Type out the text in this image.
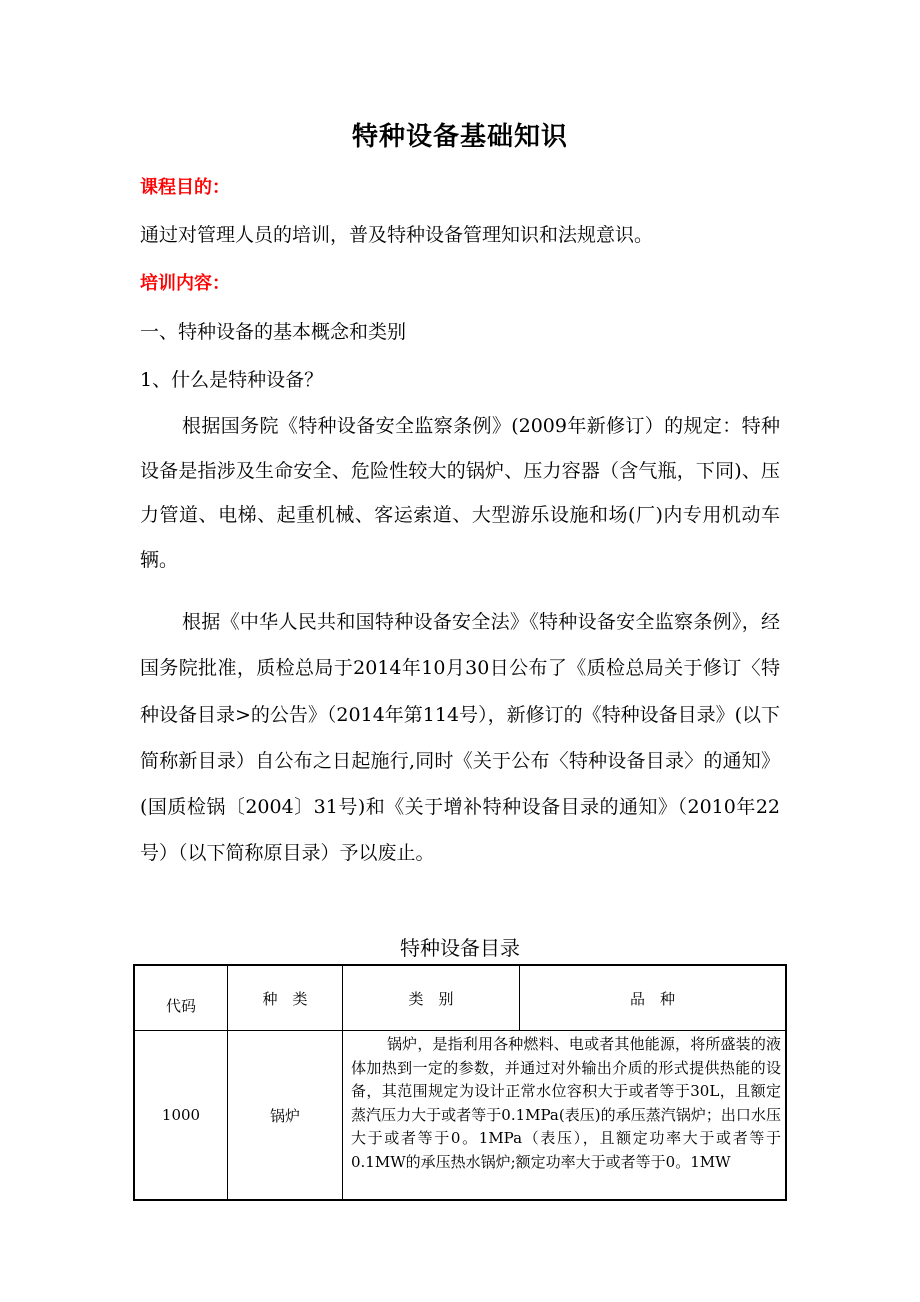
特种设备基础知识
课程目的：
通过对管理人员的培训，普及特种设备管理知识和法规意识。
培训内容：
一、特种设备的基本概念和类别
1、什么是特种设备？

根据国务院《特种设备安全监察条例》(2009年新修订）的规定：特种设备是指涉及生命安全、危险性较大的锅炉、压力容器（含气瓶，下同)、压力管道、电梯、起重机械、客运索道、大型游乐设施和场(厂)内专用机动车辆。

根据《中华人民共和国特种设备安全法》《特种设备安全监察条例》，经国务院批准，质检总局于2014年10月30日公布了《质检总局关于修订〈特种设备目录>的公告》（2014年第114号），新修订的《特种设备目录》(以下简称新目录）自公布之日起施行,同时《关于公布〈特种设备目录〉的通知》(国质检锅〔2004〕31号)和《关于增补特种设备目录的通知》（2010年22号）（以下简称原目录）予以废止。

特种设备目录
代码	种　类	类　别	品　种
1000	锅炉	锅炉，是指利用各种燃料、电或者其他能源，将所盛装的液体加热到一定的参数，并通过对外输出介质的形式提供热能的设备，其范围规定为设计正常水位容积大于或者等于30L，且额定蒸汽压力大于或者等于0.1MPa(表压)的承压蒸汽锅炉；出口水压大于或者等于0。1MPa（表压），且额定功率大于或者等于0.1MW的承压热水锅炉;额定功率大于或者等于0。1MW	
